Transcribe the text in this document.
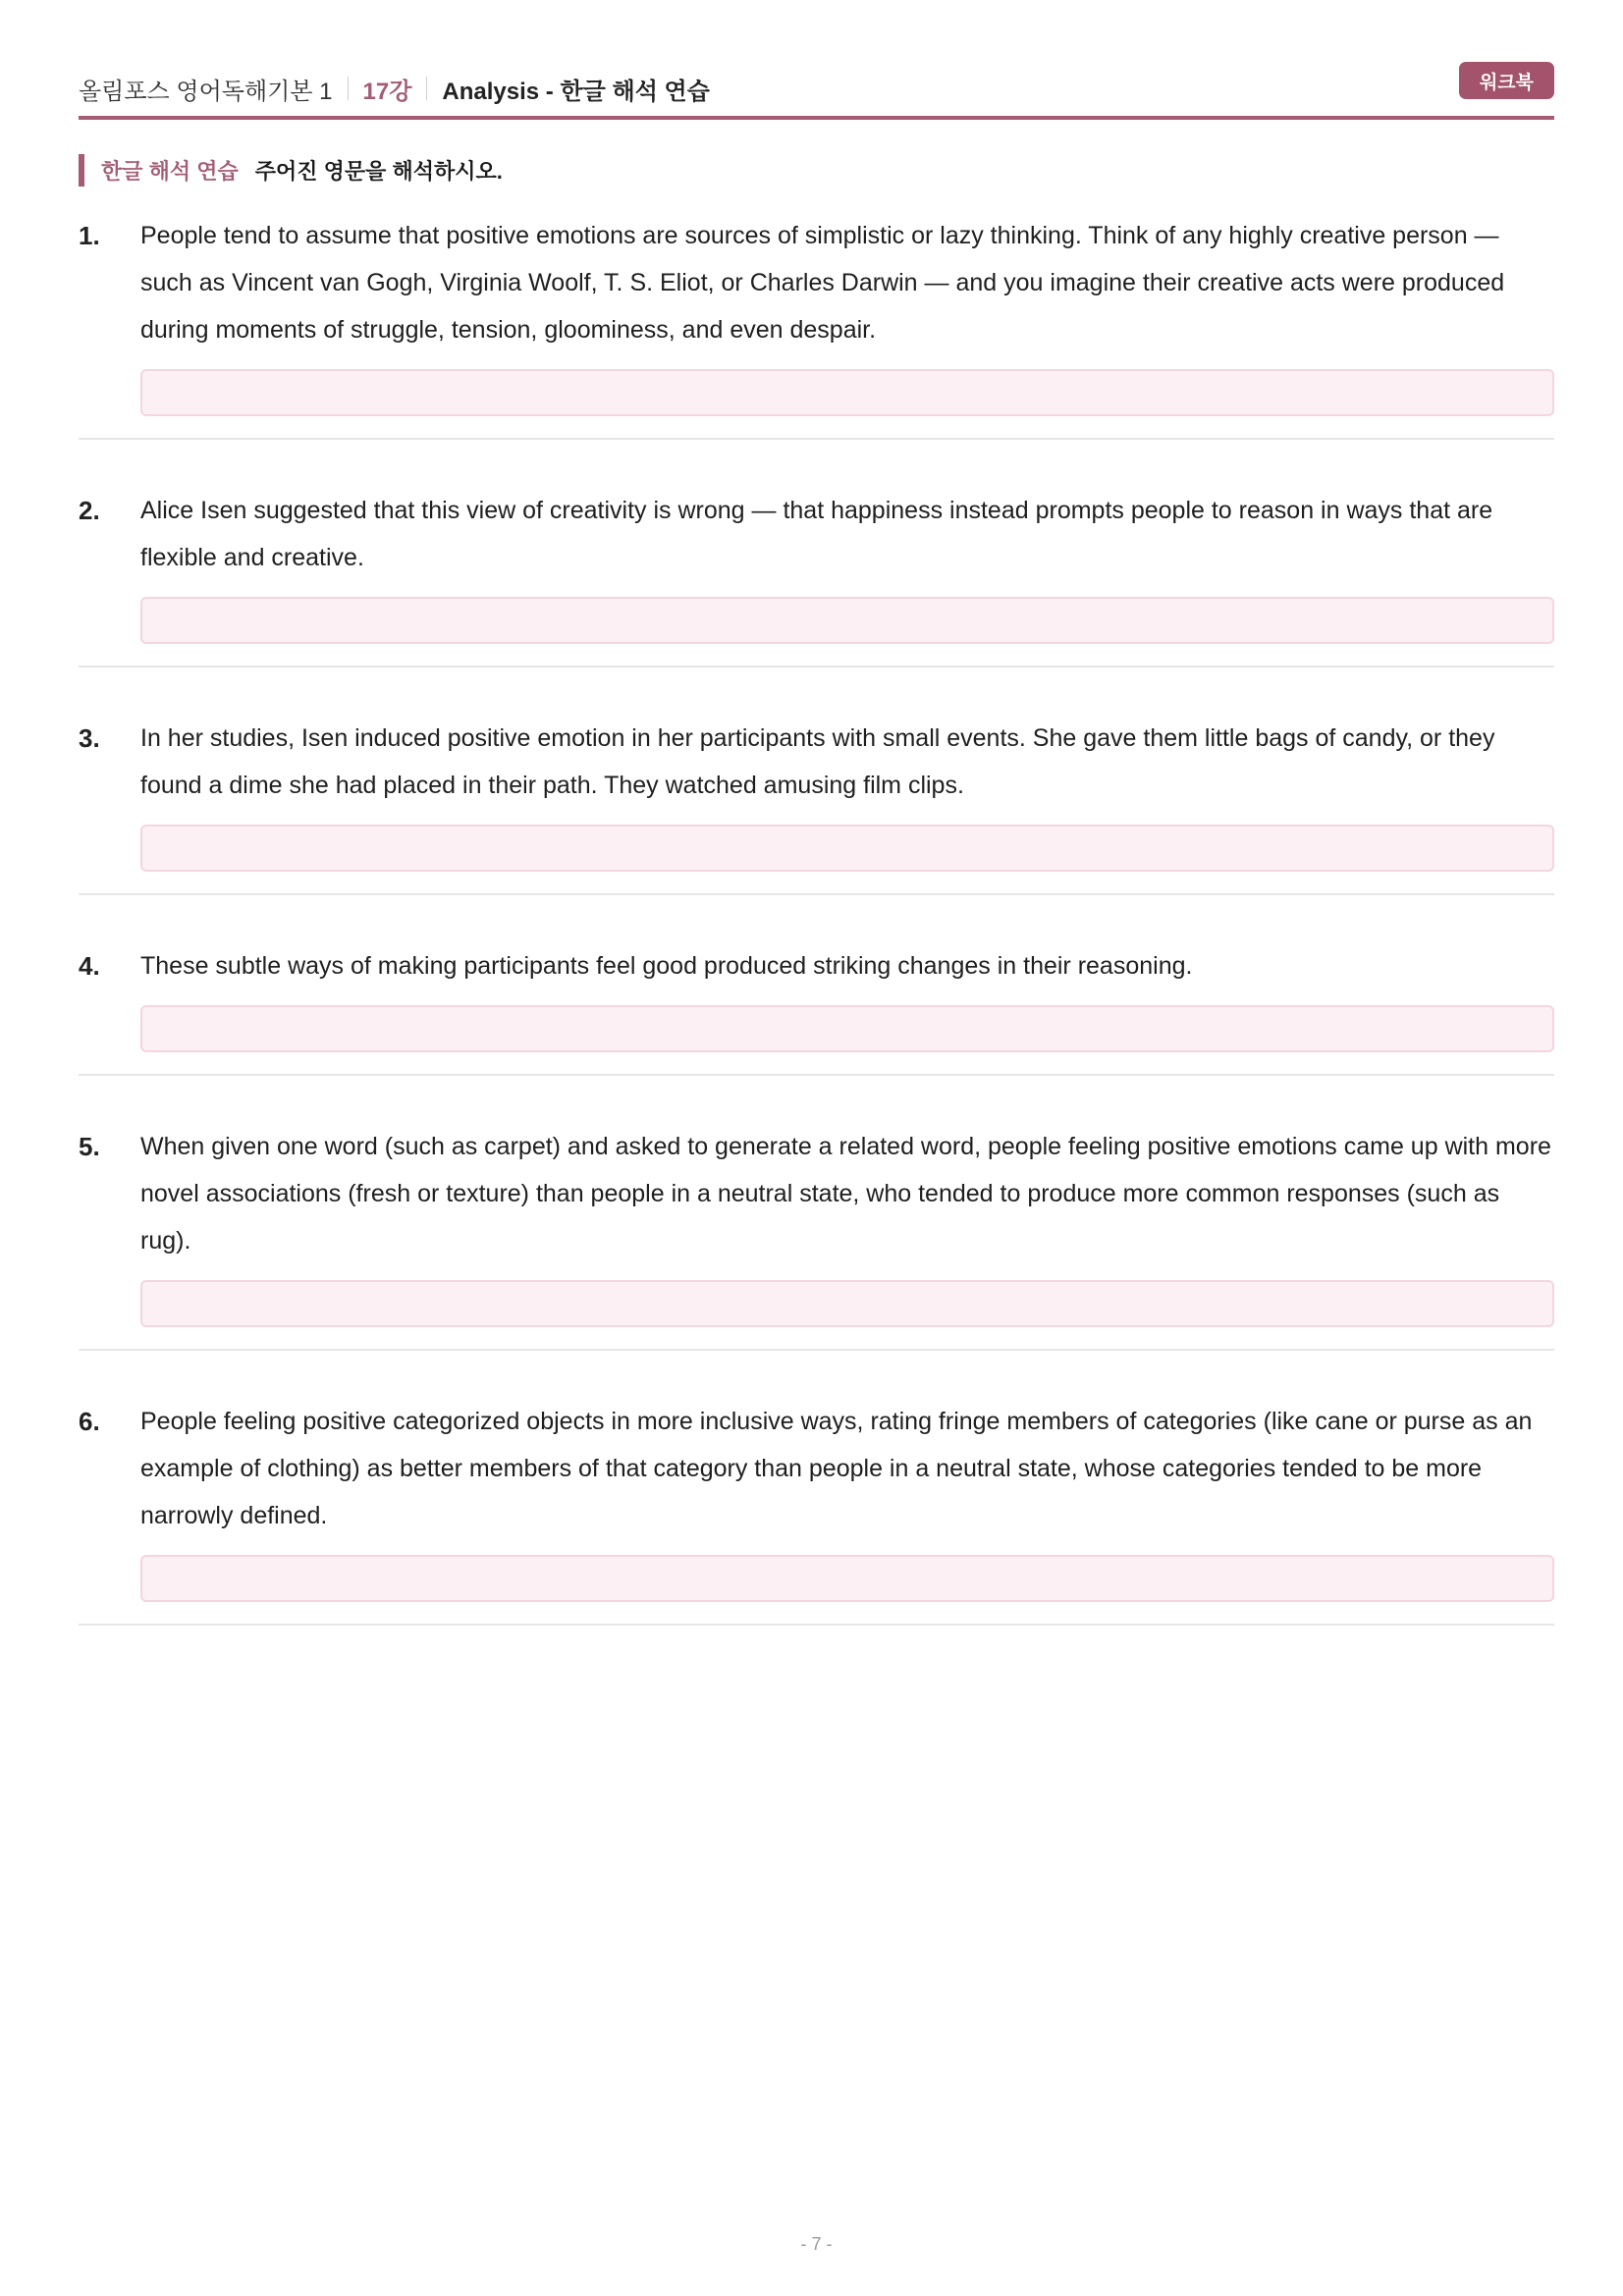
올림포스 영어독해기본 1 17강 Analysis - 한글 해석 연습	워크북
한글 해석 연습 주어진 영문을 해석하시오.
1.	People tend to assume that positive emotions are sources of simplistic or lazy thinking. Think of any highly creative person — such as Vincent van Gogh, Virginia Woolf, T. S. Eliot, or Charles Darwin — and you imagine their creative acts were produced during moments of struggle, tension, gloominess, and even despair.
2.	Alice Isen suggested that this view of creativity is wrong — that happiness instead prompts people to reason in ways that are flexible and creative.
3.	In her studies, Isen induced positive emotion in her participants with small events. She gave them little bags of candy, or they found a dime she had placed in their path. They watched amusing film clips.
4.	These subtle ways of making participants feel good produced striking changes in their reasoning.
5.	When given one word (such as carpet) and asked to generate a related word, people feeling positive emotions came up with more novel associations (fresh or texture) than people in a neutral state, who tended to produce more common responses (such as rug).
6.	People feeling positive categorized objects in more inclusive ways, rating fringe members of categories (like cane or purse as an example of clothing) as better members of that category than people in a neutral state, whose categories tended to be more narrowly defined.
- 7 -
